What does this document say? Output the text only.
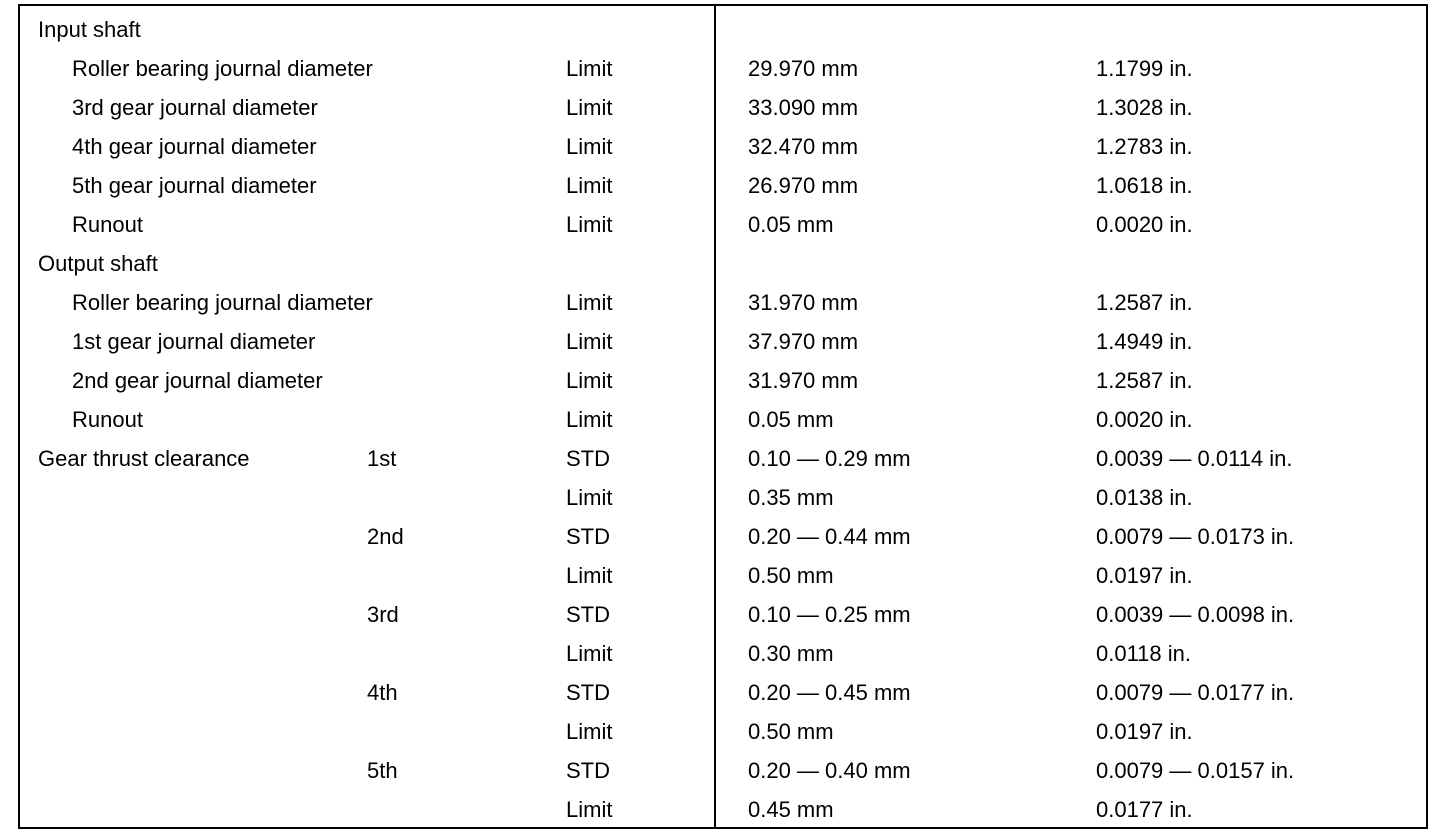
Input shaft
Roller bearing journal diameter	Limit	29.970 mm	1.1799 in.
3rd gear journal diameter	Limit	33.090 mm	1.3028 in.
4th gear journal diameter	Limit	32.470 mm	1.2783 in.
5th gear journal diameter	Limit	26.970 mm	1.0618 in.
Runout	Limit	0.05 mm	0.0020 in.
Output shaft
Roller bearing journal diameter	Limit	31.970 mm	1.2587 in.
1st gear journal diameter	Limit	37.970 mm	1.4949 in.
2nd gear journal diameter	Limit	31.970 mm	1.2587 in.
Runout	Limit	0.05 mm	0.0020 in.
Gear thrust clearance	1st	STD	0.10 — 0.29 mm	0.0039 — 0.0114 in.
Limit	0.35 mm	0.0138 in.
2nd	STD	0.20 — 0.44 mm	0.0079 — 0.0173 in.
Limit	0.50 mm	0.0197 in.
3rd	STD	0.10 — 0.25 mm	0.0039 — 0.0098 in.
Limit	0.30 mm	0.0118 in.
4th	STD	0.20 — 0.45 mm	0.0079 — 0.0177 in.
Limit	0.50 mm	0.0197 in.
5th	STD	0.20 — 0.40 mm	0.0079 — 0.0157 in.
Limit	0.45 mm	0.0177 in.
